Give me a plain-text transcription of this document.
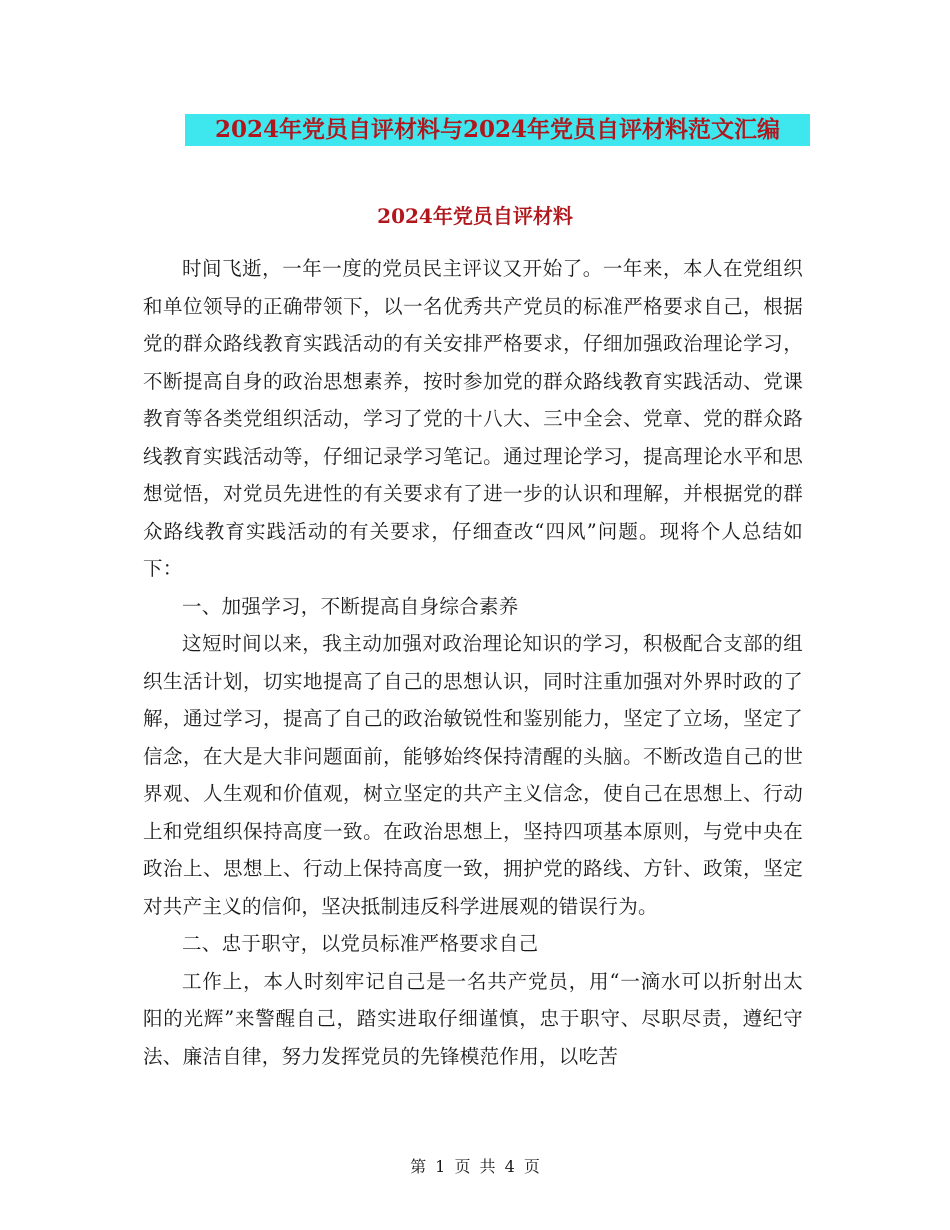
2024年党员自评材料与2024年党员自评材料范文汇编
2024年党员自评材料

时间飞逝，一年一度的党员民主评议又开始了。一年来，本人在党组织和单位领导的正确带领下，以一名优秀共产党员的标准严格要求自己，根据党的群众路线教育实践活动的有关安排严格要求，仔细加强政治理论学习，不断提高自身的政治思想素养，按时参加党的群众路线教育实践活动、党课教育等各类党组织活动，学习了党的十八大、三中全会、党章、党的群众路线教育实践活动等，仔细记录学习笔记。通过理论学习，提高理论水平和思想觉悟，对党员先进性的有关要求有了进一步的认识和理解，并根据党的群众路线教育实践活动的有关要求，仔细查改“四风”问题。现将个人总结如下：

一、加强学习，不断提高自身综合素养

这短时间以来，我主动加强对政治理论知识的学习，积极配合支部的组织生活计划，切实地提高了自己的思想认识，同时注重加强对外界时政的了解，通过学习，提高了自己的政治敏锐性和鉴别能力，坚定了立场，坚定了信念，在大是大非问题面前，能够始终保持清醒的头脑。不断改造自己的世界观、人生观和价值观，树立坚定的共产主义信念，使自己在思想上、行动上和党组织保持高度一致。在政治思想上，坚持四项基本原则，与党中央在政治上、思想上、行动上保持高度一致，拥护党的路线、方针、政策，坚定对共产主义的信仰，坚决抵制违反科学进展观的错误行为。

二、忠于职守，以党员标准严格要求自己

工作上，本人时刻牢记自己是一名共产党员，用“一滴水可以折射出太阳的光辉”来警醒自己，踏实进取仔细谨慎，忠于职守、尽职尽责，遵纪守法、廉洁自律，努力发挥党员的先锋模范作用，以吃苦

第 1 页 共 4 页
